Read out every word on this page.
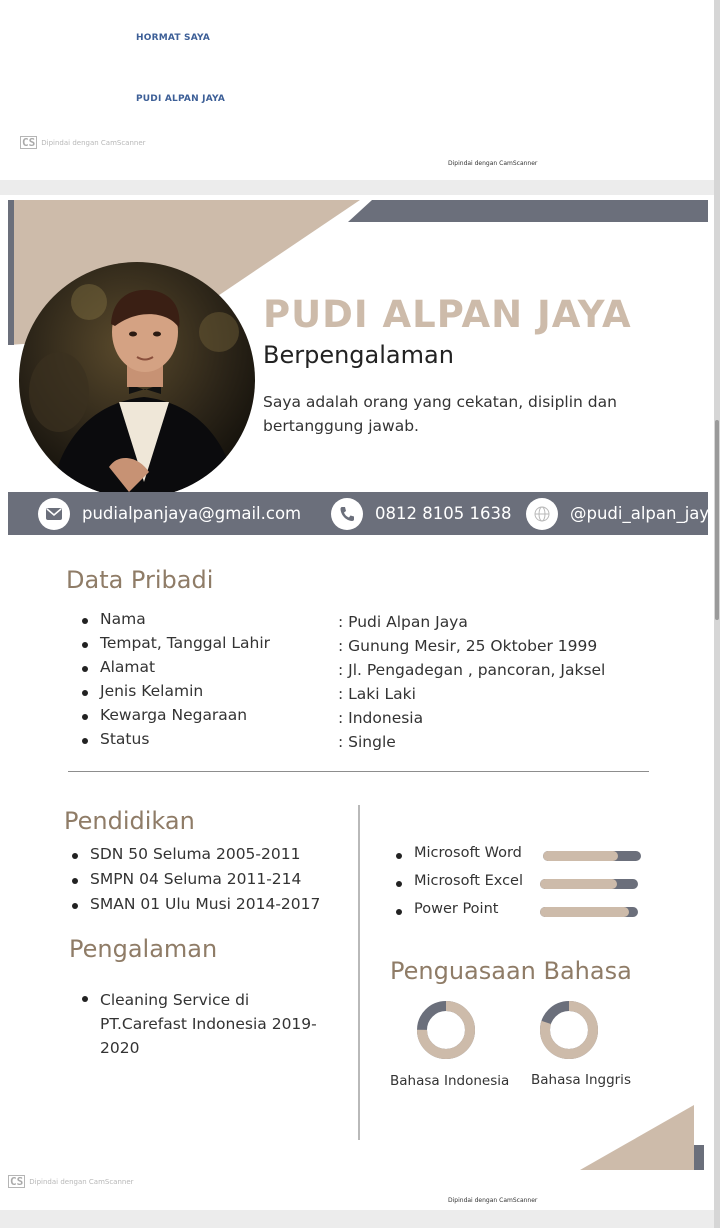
HORMAT SAYA
PUDI ALPAN JAYA
CS Dipindai dengan CamScanner
Dipindai dengan CamScanner
PUDI ALPAN JAYA
Berpengalaman
Saya adalah orang yang cekatan, disiplin dan bertanggung jawab.
pudialpanjaya@gmail.com	0812 8105 1638	@pudi_alpan_jay
Data Pribadi
Nama
Tempat, Tanggal Lahir
Alamat
Jenis Kelamin
Kewarga Negaraan
Status
: Pudi Alpan Jaya
: Gunung Mesir, 25 Oktober 1999
: Jl. Pengadegan , pancoran, Jaksel
: Laki Laki
: Indonesia
: Single
Pendidikan
SDN 50 Seluma 2005-2011
SMPN 04 Seluma 2011-214
SMAN 01 Ulu Musi 2014-2017
Pengalaman
Cleaning Service di PT.Carefast Indonesia 2019-2020
Microsoft Word
Microsoft Excel
Power Point
Penguasaan Bahasa
Bahasa Indonesia Bahasa Inggris
CS Dipindai dengan CamScanner
Dipindai dengan CamScanner
